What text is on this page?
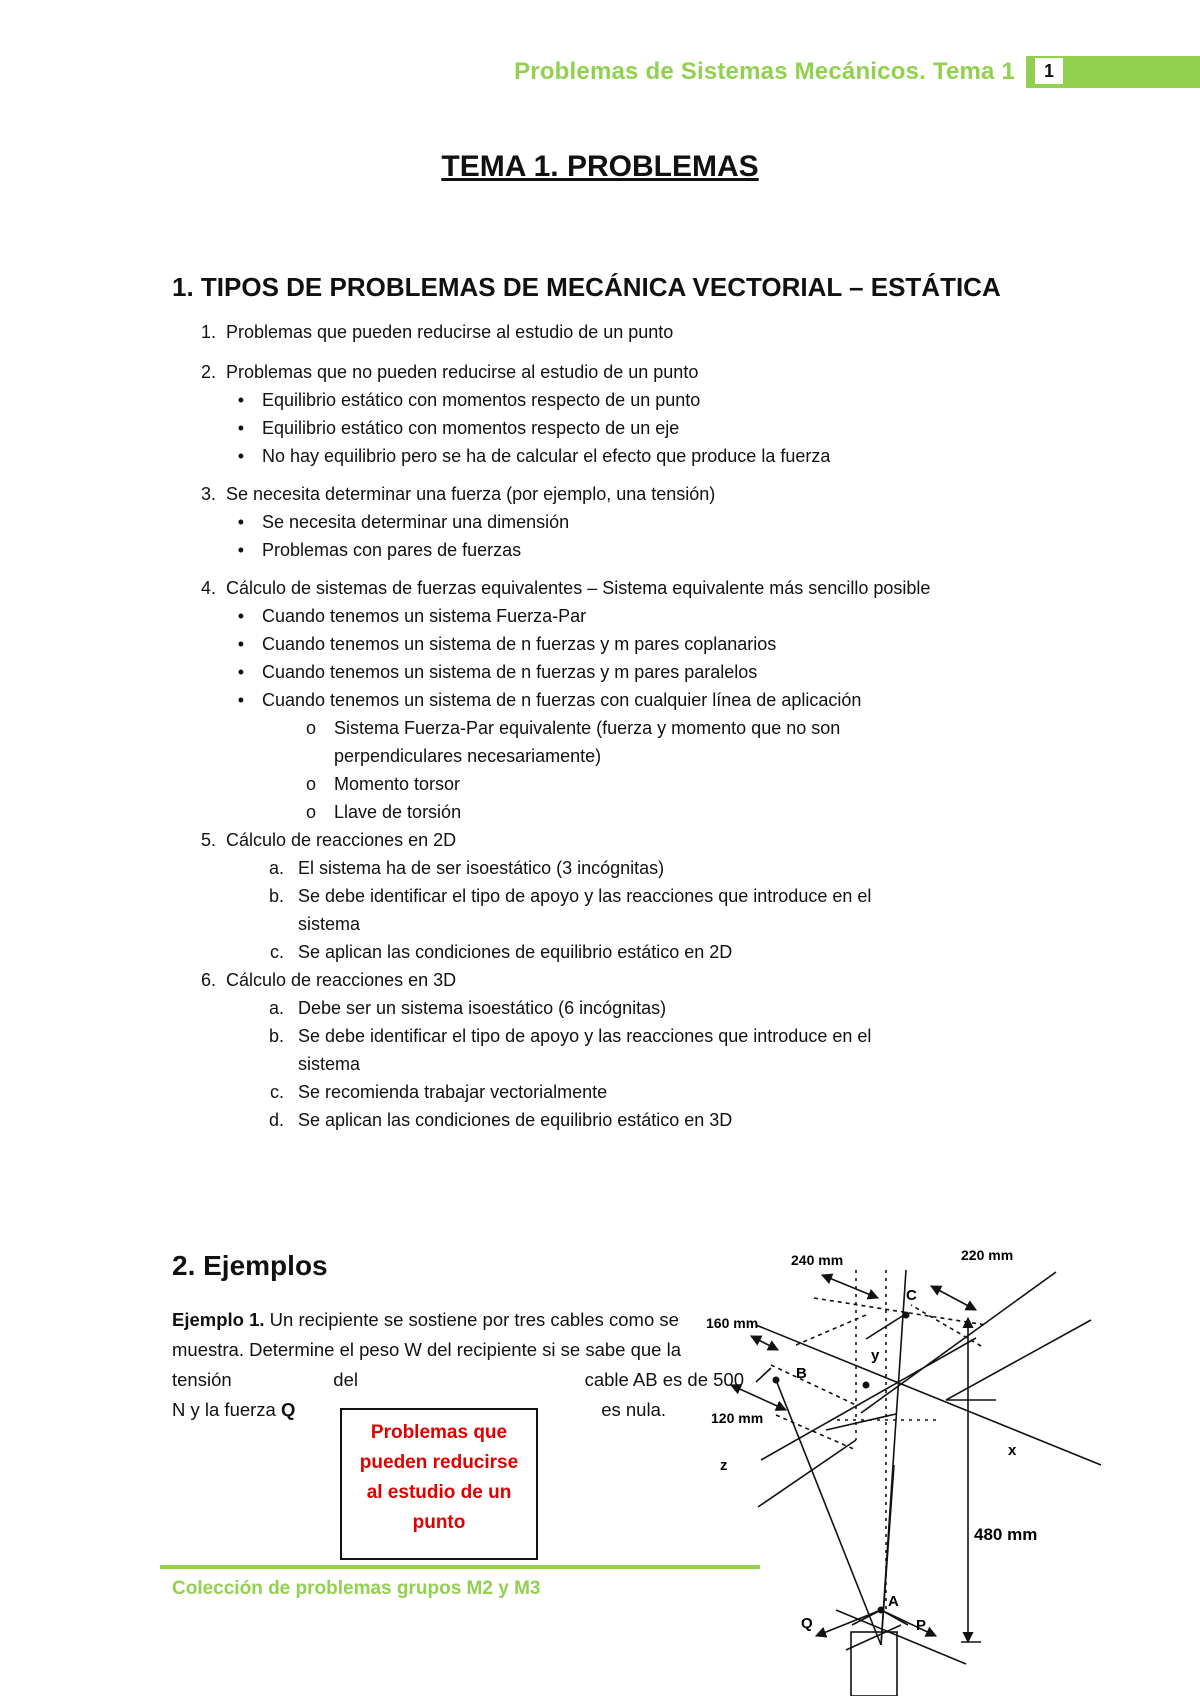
Problemas de Sistemas Mecánicos. Tema 1	1
TEMA 1. PROBLEMAS
1. TIPOS DE PROBLEMAS DE MECÁNICA VECTORIAL – ESTÁTICA
1. Problemas que pueden reducirse al estudio de un punto
2. Problemas que no pueden reducirse al estudio de un punto
• Equilibrio estático con momentos respecto de un punto
• Equilibrio estático con momentos respecto de un eje
• No hay equilibrio pero se ha de calcular el efecto que produce la fuerza
3. Se necesita determinar una fuerza (por ejemplo, una tensión)
• Se necesita determinar una dimensión
• Problemas con pares de fuerzas
4. Cálculo de sistemas de fuerzas equivalentes – Sistema equivalente más sencillo posible
• Cuando tenemos un sistema Fuerza-Par
• Cuando tenemos un sistema de n fuerzas y m pares coplanarios
• Cuando tenemos un sistema de n fuerzas y m pares paralelos
• Cuando tenemos un sistema de n fuerzas con cualquier línea de aplicación
o Sistema Fuerza-Par equivalente (fuerza y momento que no son
perpendiculares necesariamente)
o Momento torsor
o Llave de torsión
5. Cálculo de reacciones en 2D
a. El sistema ha de ser isoestático (3 incógnitas)
b. Se debe identificar el tipo de apoyo y las reacciones que introduce en el
sistema
c. Se aplican las condiciones de equilibrio estático en 2D
6. Cálculo de reacciones en 3D
a. Debe ser un sistema isoestático (6 incógnitas)
b. Se debe identificar el tipo de apoyo y las reacciones que introduce en el
sistema
c. Se recomienda trabajar vectorialmente
d. Se aplican las condiciones de equilibrio estático en 3D
2. Ejemplos
Ejemplo 1. Un recipiente se sostiene por tres cables como se
muestra. Determine el peso W del recipiente si se sabe que la
tensión	del	cable AB es de 500
N y la fuerza Q	es nula.
Problemas que
pueden reducirse
al estudio de un
punto
Colección de problemas grupos M2 y M3
C
B
y
x
z
A
P
Q
240 mm	220 mm
160 mm
120 mm
480 mm
